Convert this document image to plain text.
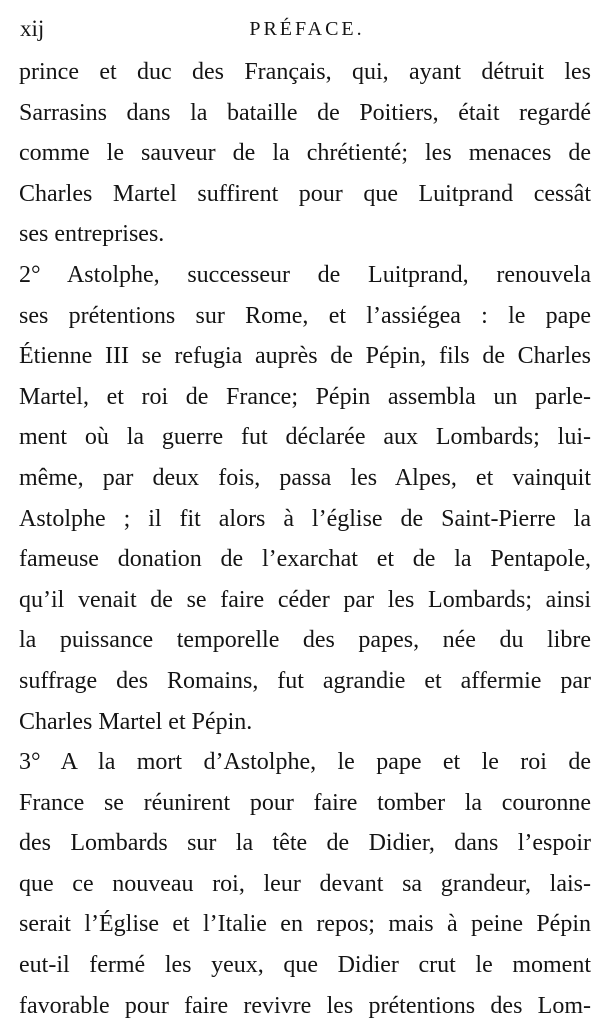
xij	PRÉFACE.
prince et duc des Français, qui, ayant détruit les
Sarrasins dans la bataille de Poitiers, était regardé
comme le sauveur de la chrétienté; les menaces de
Charles Martel suffirent pour que Luitprand cessât
ses entreprises.
2° Astolphe, successeur de Luitprand, renouvela
ses prétentions sur Rome, et l’assiégea : le pape
Étienne III se refugia auprès de Pépin, fils de Charles
Martel, et roi de France; Pépin assembla un parle-
ment où la guerre fut déclarée aux Lombards; lui-
même, par deux fois, passa les Alpes, et vainquit
Astolphe ; il fit alors à l’église de Saint-Pierre la
fameuse donation de l’exarchat et de la Pentapole,
qu’il venait de se faire céder par les Lombards; ainsi
la puissance temporelle des papes, née du libre
suffrage des Romains, fut agrandie et affermie par
Charles Martel et Pépin.
3° A la mort d’Astolphe, le pape et le roi de
France se réunirent pour faire tomber la couronne
des Lombards sur la tête de Didier, dans l’espoir
que ce nouveau roi, leur devant sa grandeur, lais-
serait l’Église et l’Italie en repos; mais à peine Pépin
eut-il fermé les yeux, que Didier crut le moment
favorable pour faire revivre les prétentions des Lom-
